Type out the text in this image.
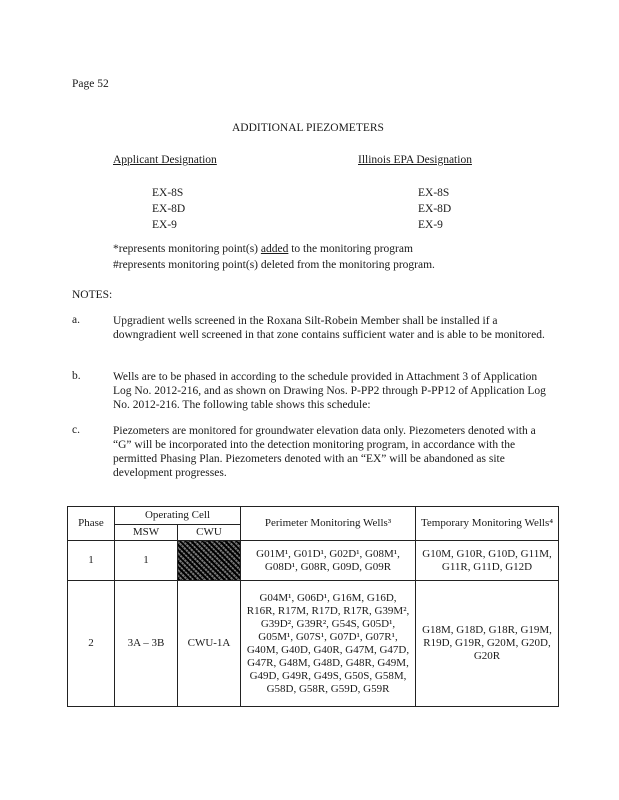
Page 52
ADDITIONAL PIEZOMETERS
Applicant Designation	Illinois EPA Designation
EX-8S	EX-8S
EX-8D	EX-8D
EX-9	EX-9
*represents monitoring point(s) added to the monitoring program
#represents monitoring point(s) deleted from the monitoring program.
NOTES:
a.	Upgradient wells screened in the Roxana Silt-Robein Member shall be installed if a downgradient well screened in that zone contains sufficient water and is able to be monitored.
b.	Wells are to be phased in according to the schedule provided in Attachment 3 of Application Log No. 2012-216, and as shown on Drawing Nos. P-PP2 through P-PP12 of Application Log No. 2012-216. The following table shows this schedule:
c.	Piezometers are monitored for groundwater elevation data only. Piezometers denoted with a “G” will be incorporated into the detection monitoring program, in accordance with the permitted Phasing Plan. Piezometers denoted with an “EX” will be abandoned as site development progresses.
Phase	Operating Cell		Perimeter Monitoring Wells³	Temporary Monitoring Wells⁴
	MSW	CWU		
1	1		G01M¹, G01D¹, G02D¹, G08M¹, G08D¹, G08R, G09D, G09R	G10M, G10R, G10D, G11M, G11R, G11D, G12D
2	3A – 3B	CWU-1A	G04M¹, G06D¹, G16M, G16D, R16R, R17M, R17D, R17R, G39M², G39D², G39R², G54S, G05D¹, G05M¹, G07S¹, G07D¹, G07R¹, G40M, G40D, G40R, G47M, G47D, G47R, G48M, G48D, G48R, G49M, G49D, G49R, G49S, G50S, G58M, G58D, G58R, G59D, G59R	G18M, G18D, G18R, G19M, R19D, G19R, G20M, G20D, G20R
